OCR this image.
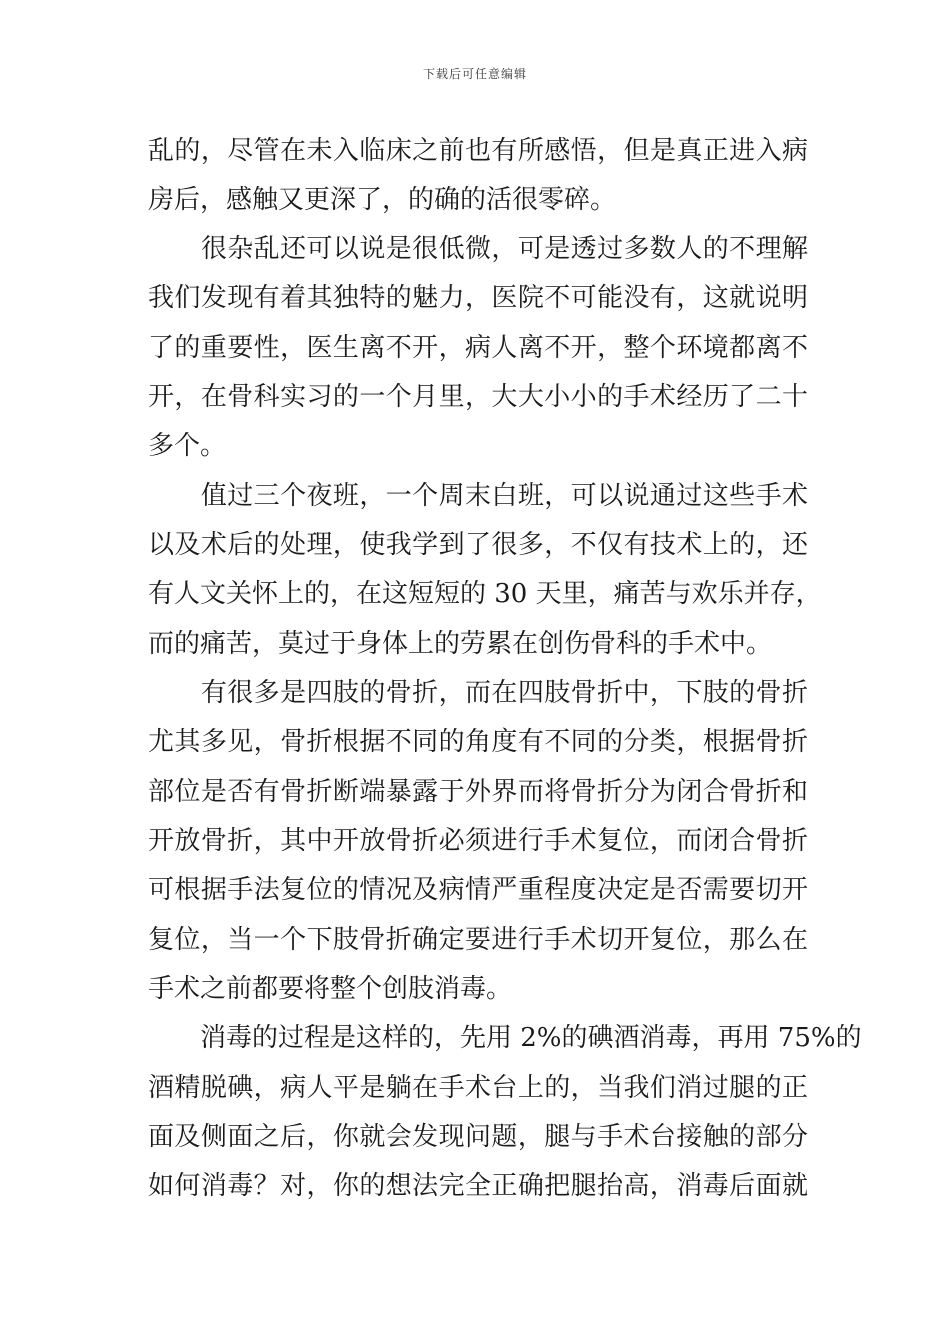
下载后可任意编辑
乱的，尽管在未入临床之前也有所感悟，但是真正进入病
房后，感触又更深了，的确的活很零碎。
　　很杂乱还可以说是很低微，可是透过多数人的不理解
我们发现有着其独特的魅力，医院不可能没有，这就说明
了的重要性，医生离不开，病人离不开，整个环境都离不
开，在骨科实习的一个月里，大大小小的手术经历了二十
多个。
　　值过三个夜班，一个周末白班，可以说通过这些手术
以及术后的处理，使我学到了很多，不仅有技术上的，还
有人文关怀上的，在这短短的 30 天里，痛苦与欢乐并存，
而的痛苦，莫过于身体上的劳累在创伤骨科的手术中。
　　有很多是四肢的骨折，而在四肢骨折中，下肢的骨折
尤其多见，骨折根据不同的角度有不同的分类，根据骨折
部位是否有骨折断端暴露于外界而将骨折分为闭合骨折和
开放骨折，其中开放骨折必须进行手术复位，而闭合骨折
可根据手法复位的情况及病情严重程度决定是否需要切开
复位，当一个下肢骨折确定要进行手术切开复位，那么在
手术之前都要将整个创肢消毒。
　　消毒的过程是这样的，先用 2%的碘酒消毒，再用 75%的
酒精脱碘，病人平是躺在手术台上的，当我们消过腿的正
面及侧面之后，你就会发现问题，腿与手术台接触的部分
如何消毒？对，你的想法完全正确把腿抬高，消毒后面就
